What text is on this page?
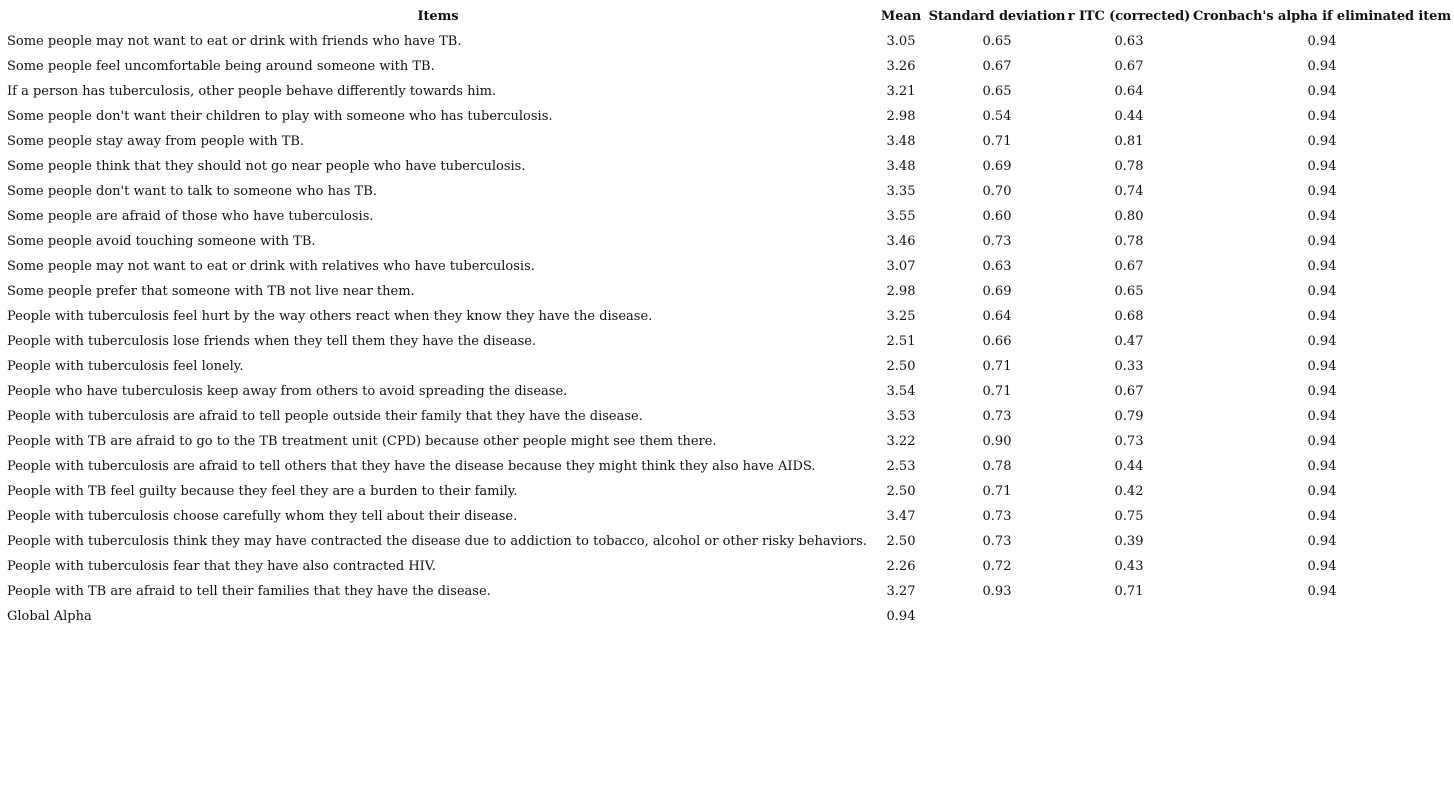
Items	Mean	Standard deviation	r ITC (corrected)	Cronbach's alpha if eliminated item
Some people may not want to eat or drink with friends who have TB.	3.05	0.65	0.63	0.94
Some people feel uncomfortable being around someone with TB.	3.26	0.67	0.67	0.94
If a person has tuberculosis, other people behave differently towards him.	3.21	0.65	0.64	0.94
Some people don't want their children to play with someone who has tuberculosis.	2.98	0.54	0.44	0.94
Some people stay away from people with TB.	3.48	0.71	0.81	0.94
Some people think that they should not go near people who have tuberculosis.	3.48	0.69	0.78	0.94
Some people don't want to talk to someone who has TB.	3.35	0.70	0.74	0.94
Some people are afraid of those who have tuberculosis.	3.55	0.60	0.80	0.94
Some people avoid touching someone with TB.	3.46	0.73	0.78	0.94
Some people may not want to eat or drink with relatives who have tuberculosis.	3.07	0.63	0.67	0.94
Some people prefer that someone with TB not live near them.	2.98	0.69	0.65	0.94
People with tuberculosis feel hurt by the way others react when they know they have the disease.	3.25	0.64	0.68	0.94
People with tuberculosis lose friends when they tell them they have the disease.	2.51	0.66	0.47	0.94
People with tuberculosis feel lonely.	2.50	0.71	0.33	0.94
People who have tuberculosis keep away from others to avoid spreading the disease.	3.54	0.71	0.67	0.94
People with tuberculosis are afraid to tell people outside their family that they have the disease.	3.53	0.73	0.79	0.94
People with TB are afraid to go to the TB treatment unit (CPD) because other people might see them there.	3.22	0.90	0.73	0.94
People with tuberculosis are afraid to tell others that they have the disease because they might think they also have AIDS.	2.53	0.78	0.44	0.94
People with TB feel guilty because they feel they are a burden to their family.	2.50	0.71	0.42	0.94
People with tuberculosis choose carefully whom they tell about their disease.	3.47	0.73	0.75	0.94
People with tuberculosis think they may have contracted the disease due to addiction to tobacco, alcohol or other risky behaviors.	2.50	0.73	0.39	0.94
People with tuberculosis fear that they have also contracted HIV.	2.26	0.72	0.43	0.94
People with TB are afraid to tell their families that they have the disease.	3.27	0.93	0.71	0.94
Global Alpha	0.94			
